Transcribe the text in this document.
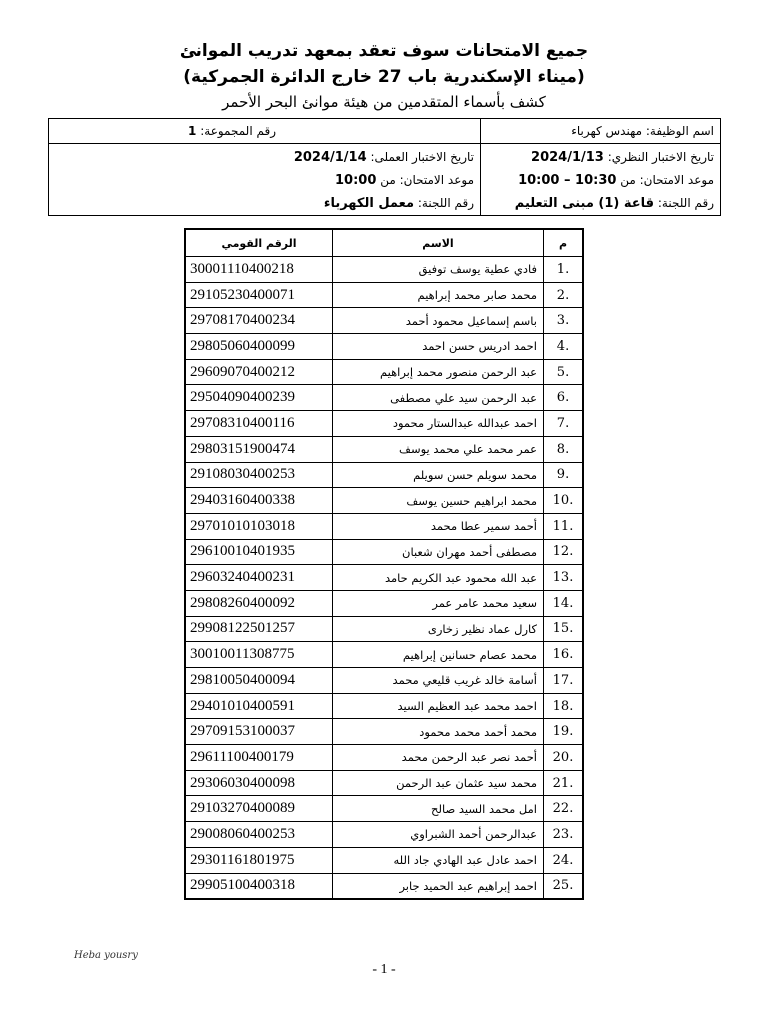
جميع الامتحانات سوف تعقد بمعهد تدريب الموانئ
(ميناء الإسكندرية باب 27 خارج الدائرة الجمركية)
كشف بأسماء المتقدمين من هيئة موانئ البحر الأحمر
اسم الوظيفة: مهندس كهرباء	رقم المجموعة: 1

تاريخ الاختبار النظري: 2024/1/13
موعد الامتحان: من 10:00 – 10:30
رقم اللجنة: قاعة (1) مبنى التعليم	تاريخ الاختبار العملى: 2024/1/14
موعد الامتحان: من 10:00
رقم اللجنة: معمل الكهرباء
م	الاسم	الرقم القومي
.1	فادي عطية يوسف توفيق	30001110400218
.2	محمد صابر محمد إبراهيم	29105230400071
.3	باسم إسماعيل محمود أحمد	29708170400234
.4	احمد ادريس حسن احمد	29805060400099
.5	عبد الرحمن منصور محمد إبراهيم	29609070400212
.6	عبد الرحمن سيد علي مصطفى	29504090400239
.7	احمد عبدالله عبدالستار محمود	29708310400116
.8	عمر محمد علي محمد يوسف	29803151900474
.9	محمد سويلم حسن سويلم	29108030400253
.10	محمد ابراهيم حسين يوسف	29403160400338
.11	أحمد سمير عطا محمد	29701010103018
.12	مصطفى أحمد مهران شعبان	29610010401935
.13	عبد الله محمود عبد الكريم حامد	29603240400231
.14	سعيد محمد عامر عمر	29808260400092
.15	كارل عماد نظير زخارى	29908122501257
.16	محمد عصام حسانين إبراهيم	30010011308775
.17	أسامة خالد غريب قليعي محمد	29810050400094
.18	احمد محمد عبد العظيم السيد	29401010400591
.19	محمد أحمد محمد محمود	29709153100037
.20	أحمد نصر عبد الرحمن محمد	29611100400179
.21	محمد سيد عثمان عبد الرحمن	29306030400098
.22	امل محمد السيد صالح	29103270400089
.23	عبدالرحمن أحمد الشبراوي	29008060400253
.24	احمد عادل عبد الهادي جاد الله	29301161801975
.25	احمد إبراهيم عبد الحميد جابر	29905100400318
Heba yousry
- 1 -
